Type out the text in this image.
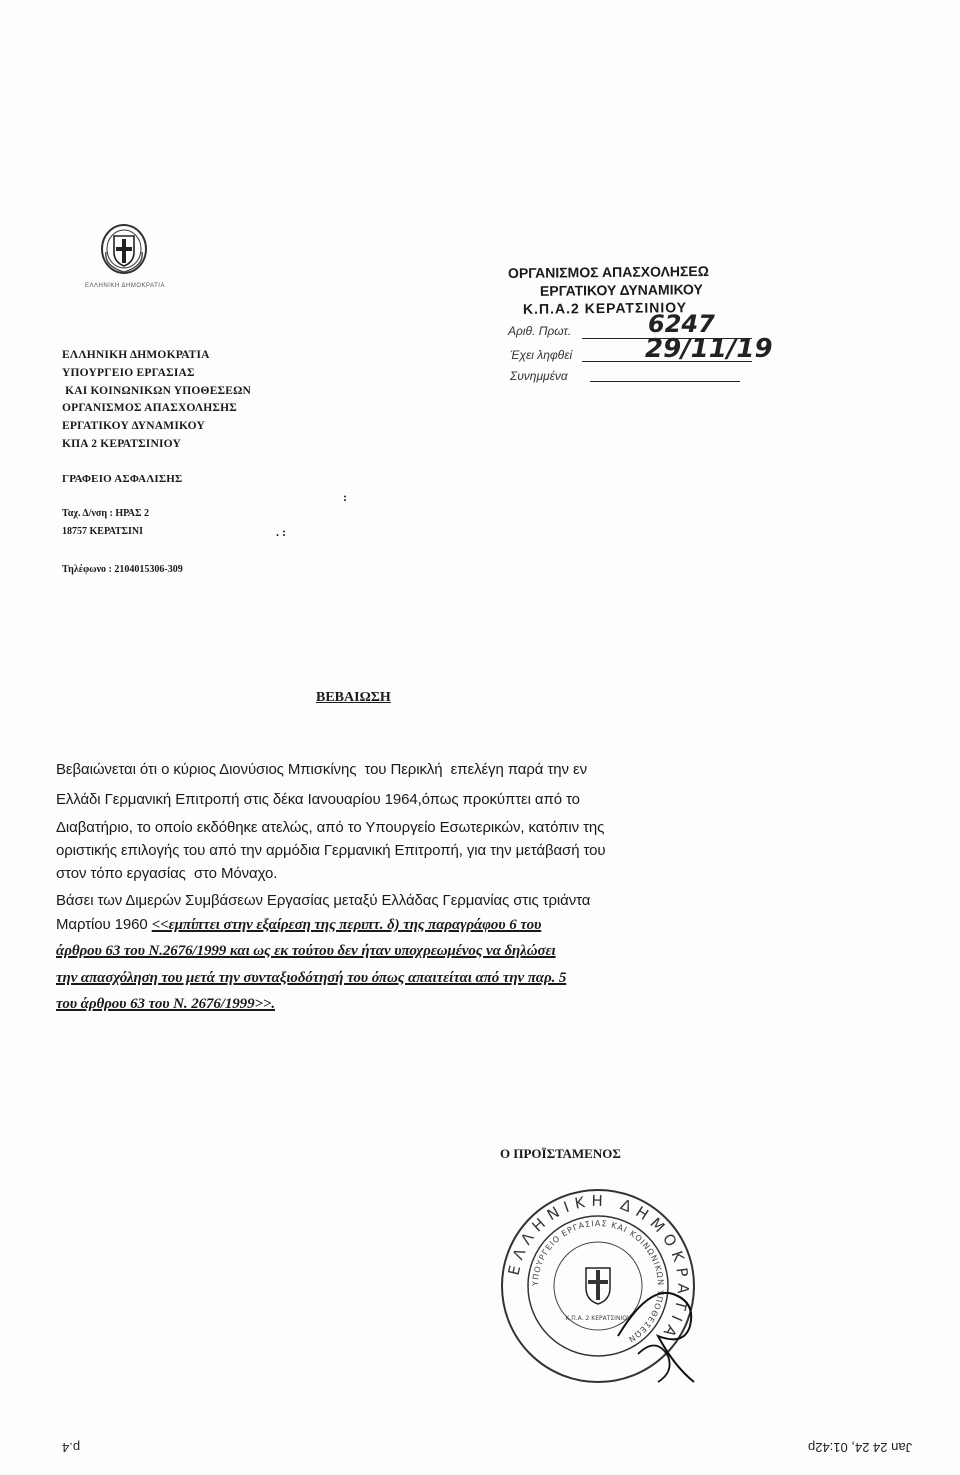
ΕΛΛΗΝΙΚΗ ΔΗΜΟΚΡΑΤΙΑ
ΕΛΛΗΝΙΚΗ ΔΗΜΟΚΡΑΤΙΑ
ΥΠΟΥΡΓΕΙΟ ΕΡΓΑΣΙΑΣ
ΚΑΙ ΚΟΙΝΩΝΙΚΩΝ ΥΠΟΘΕΣΕΩΝ
ΟΡΓΑΝΙΣΜΟΣ ΑΠΑΣΧΟΛΗΣΗΣ
ΕΡΓΑΤΙΚΟΥ ΔΥΝΑΜΙΚΟΥ
ΚΠΑ 2 ΚΕΡΑΤΣΙΝΙΟΥ
ΓΡΑΦΕΙΟ ΑΣΦΑΛΙΣΗΣ
:
Ταχ. Δ/νση : ΗΡΑΣ 2
18757 ΚΕΡΑΤΣΙΝΙ	. :
Τηλέφωνο : 2104015306-309
ΟΡΓΑΝΙΣΜΟΣ ΑΠΑΣΧΟΛΗΣΕΩ
ΕΡΓΑΤΙΚΟΥ ΔΥΝΑΜΙΚΟΥ
Κ.Π.Α.2 ΚΕΡΑΤΣΙΝΙΟΥ
Αριθ. Πρωτ.	6247
Έχει ληφθεί	29/11/19
Συνημμένα
ΒΕΒΑΙΩΣΗ
Βεβαιώνεται ότι ο κύριος Διονύσιος Μπισκίνης  του Περικλή  επελέγη παρά την εν
Ελλάδι Γερμανική Επιτροπή στις δέκα Ιανουαρίου 1964,όπως προκύπτει από το
Διαβατήριο, το οποίο εκδόθηκε ατελώς, από το Υπουργείο Εσωτερικών, κατόπιν της
οριστικής επιλογής του από την αρμόδια Γερμανική Επιτροπή, για την μετάβασή του
στον τόπο εργασίας  στο Μόναχο.
Βάσει των Διμερών Συμβάσεων Εργασίας μεταξύ Ελλάδας Γερμανίας στις τριάντα
Μαρτίου 1960 <<εμπίπτει στην εξαίρεση της περιπτ. δ) της παραγράφου 6 του
άρθρου 63 του Ν.2676/1999 και ως εκ τούτου δεν ήταν υποχρεωμένος να δηλώσει
την απασχόληση του μετά την συνταξιοδότησή του όπως απαιτείται από την παρ. 5
του άρθρου 63 του Ν. 2676/1999>>.
Ο ΠΡΟΪΣΤΑΜΕΝΟΣ
ΕΛΛΗΝΙΚΗ ΔΗΜΟΚΡΑΤΙΑ
ΥΠΟΥΡΓΕΙΟ ΕΡΓΑΣΙΑΣ ΚΑΙ ΚΟΙΝΩΝΙΚΩΝ ΥΠΟΘΕΣΕΩΝ
Κ.Π.Α. 2 ΚΕΡΑΤΣΙΝΙΟΥ
Jan 24 24, 01:42p
p.4
